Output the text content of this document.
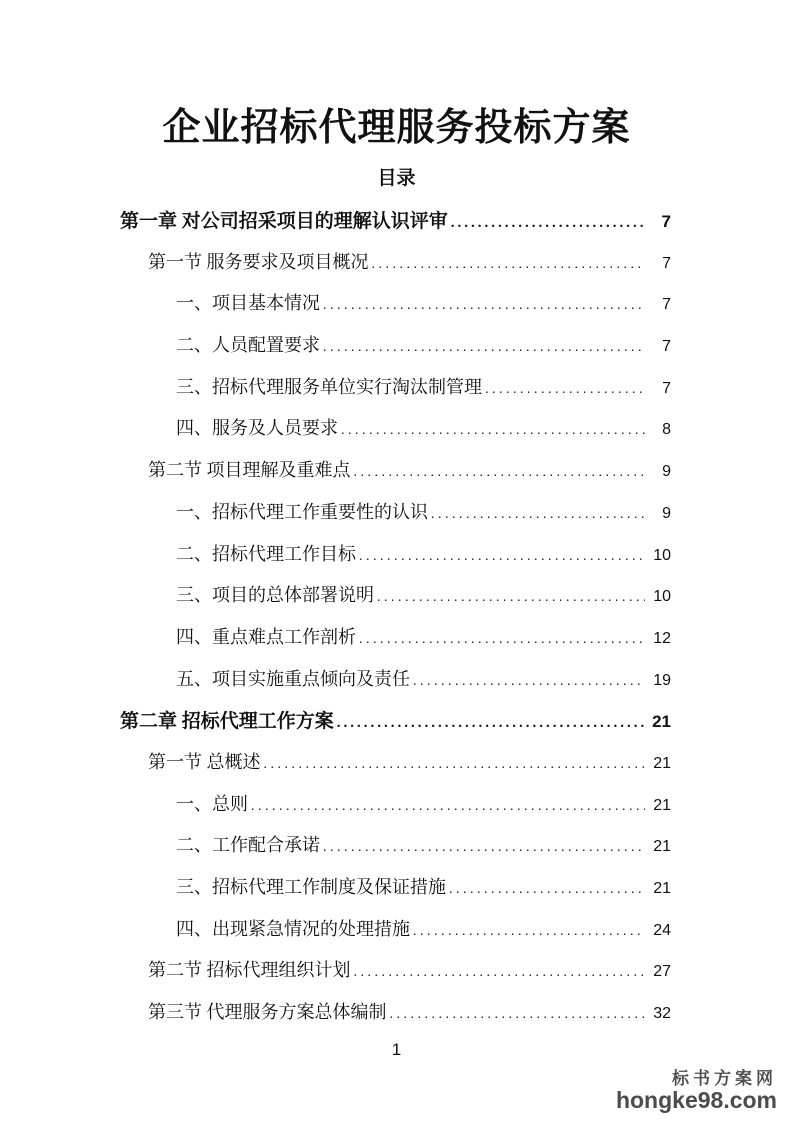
企业招标代理服务投标方案
目录
第一章 对公司招采项目的理解认识评审 .....	7
第一节 服务要求及项目概况 .....	7
一、项目基本情况 .....	7
二、人员配置要求 .....	7
三、招标代理服务单位实行淘汰制管理 .....	7
四、服务及人员要求 .....	8
第二节 项目理解及重难点 .....	9
一、招标代理工作重要性的认识 .....	9
二、招标代理工作目标 .....	10
三、项目的总体部署说明 .....	10
四、重点难点工作剖析 .....	12
五、项目实施重点倾向及责任 .....	19
第二章 招标代理工作方案 .....	21
第一节 总概述 .....	21
一、总则 .....	21
二、工作配合承诺 .....	21
三、招标代理工作制度及保证措施 .....	21
四、出现紧急情况的处理措施 .....	24
第二节 招标代理组织计划 .....	27
第三节 代理服务方案总体编制 .....	32
1
标书方案网
hongke98.com
